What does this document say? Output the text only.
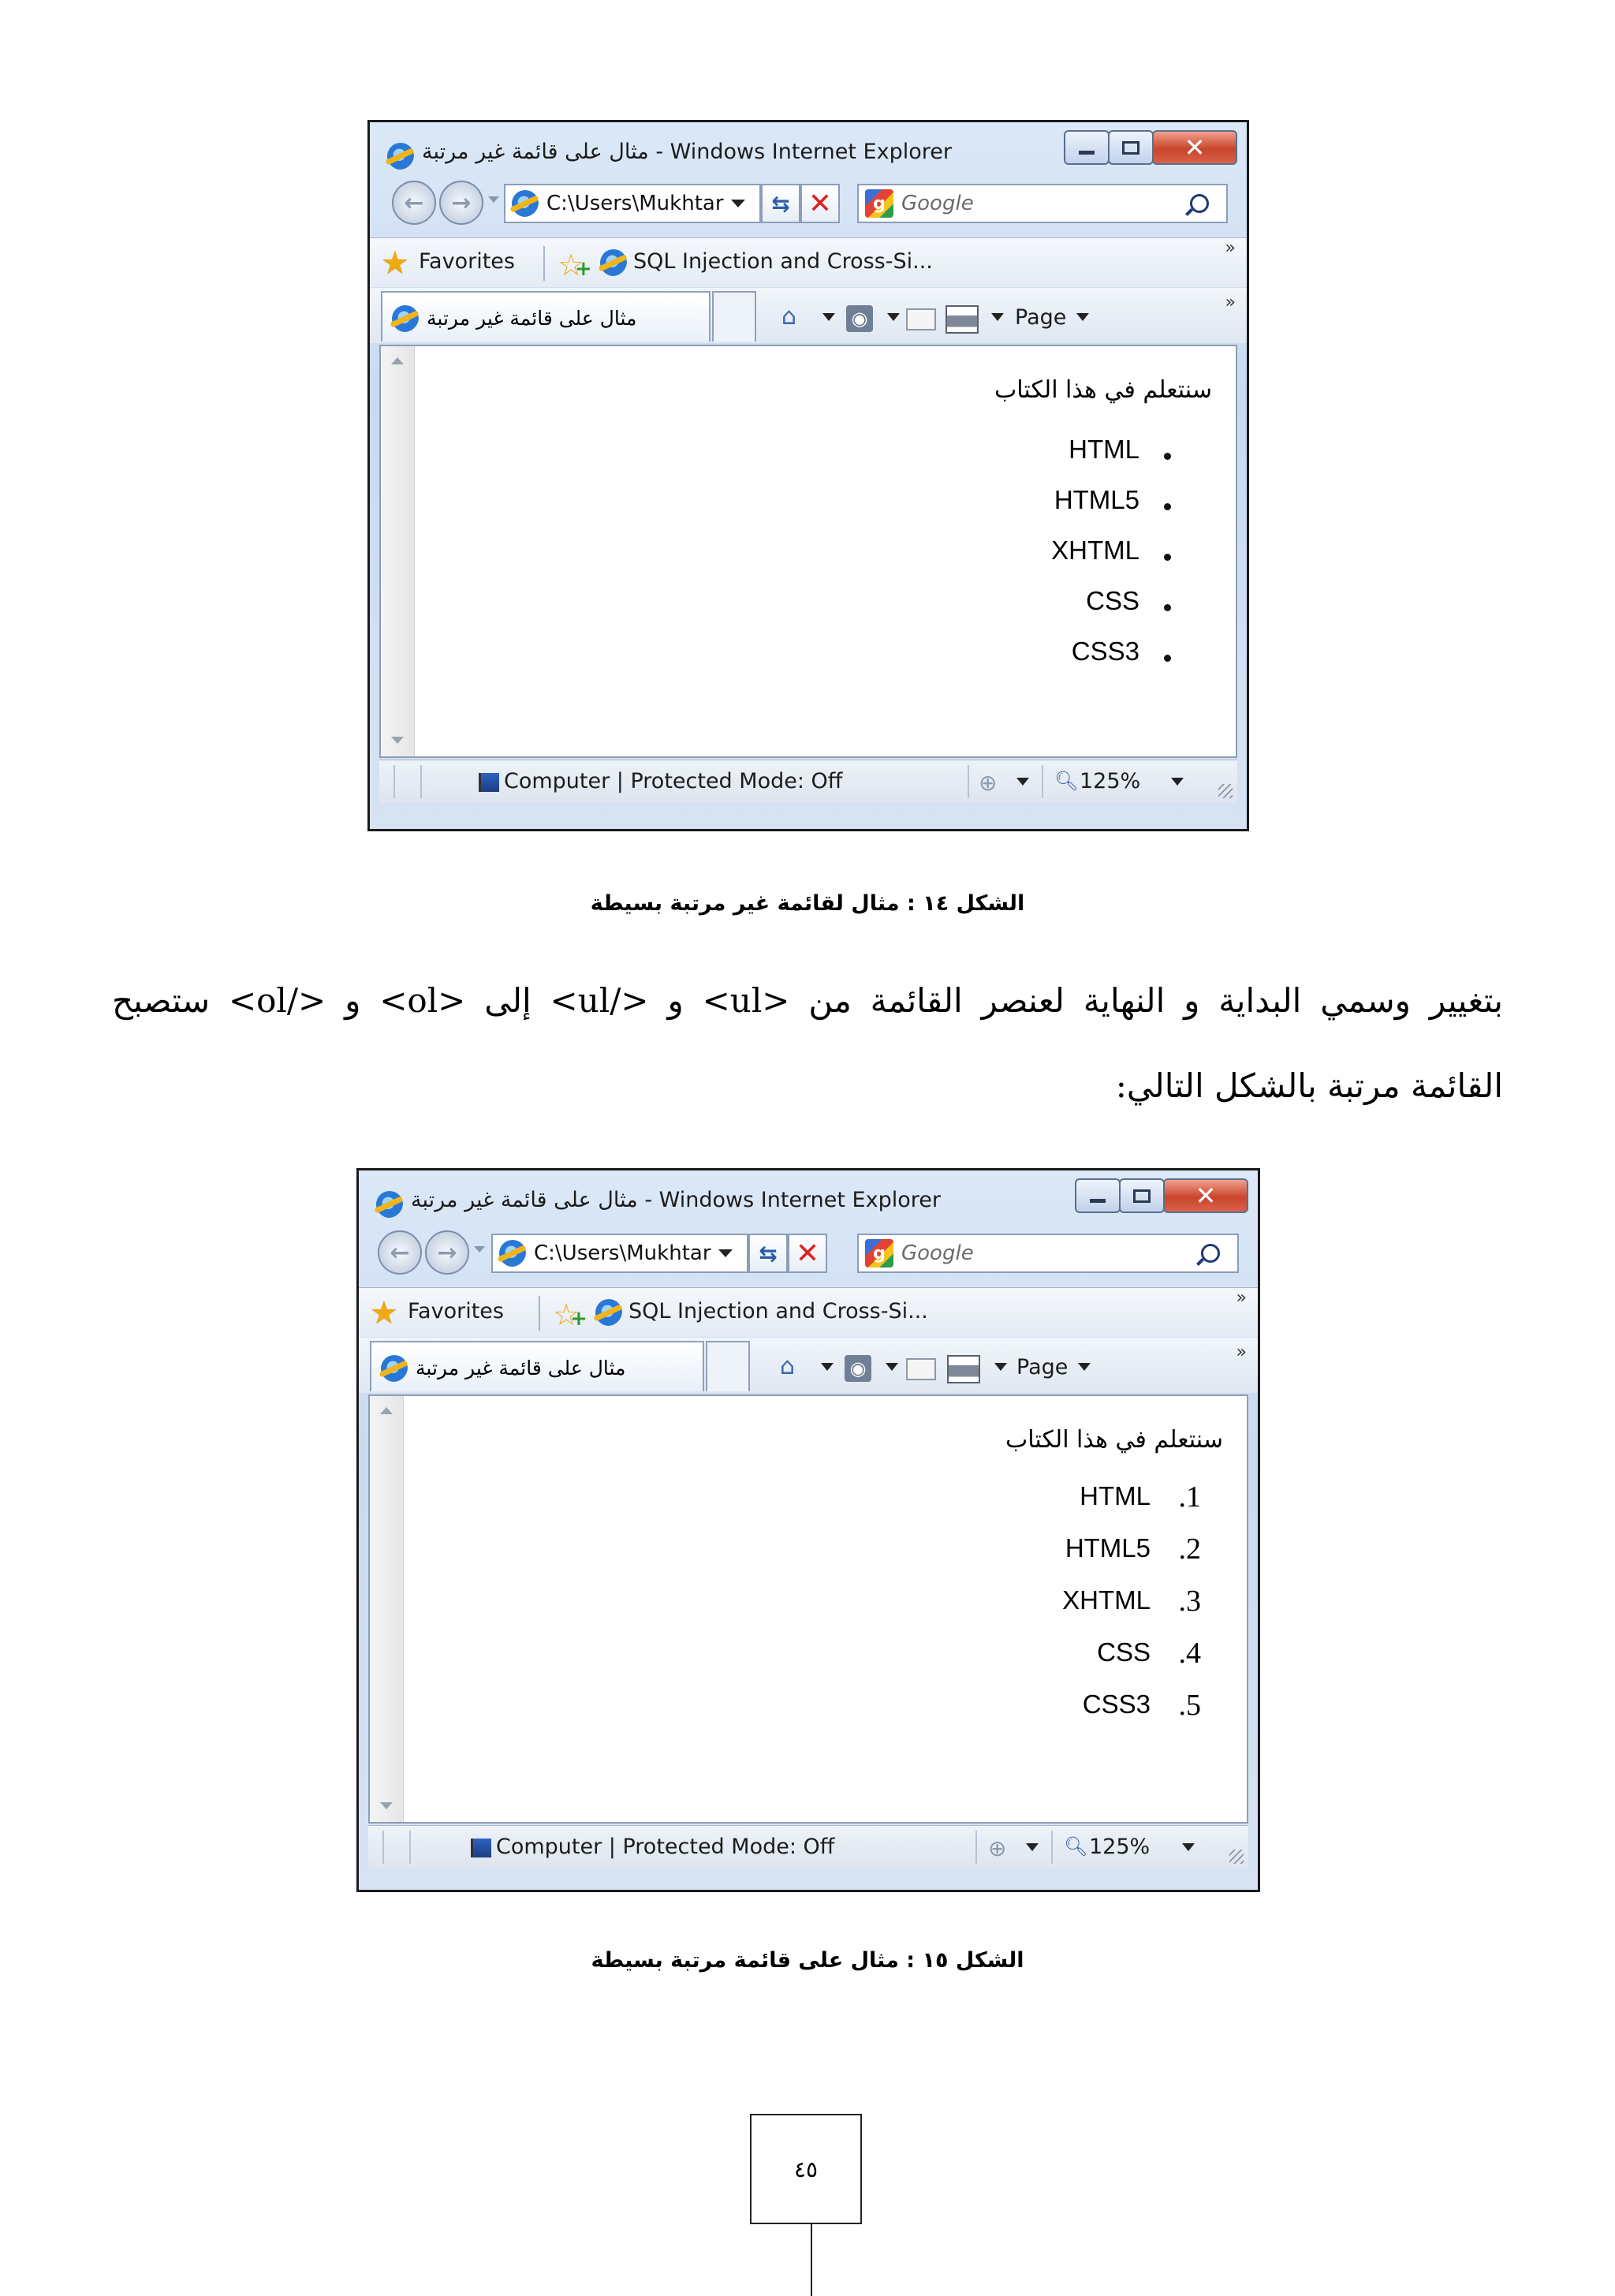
مثال على قائمة غير مرتبة - Windows Internet Explorer	✕
← →	C:\Users\Mukhtar ⇆ ✕	g Google
★ Favorites ☆ + SQL Injection and Cross-Si...
»
مثال على قائمة غير مرتبة	⌂	◉	Page
»
سنتعلم في هذا الكتاب
HTML
HTML5
XHTML
CSS
CSS3
Computer | Protected Mode: Off	⊕	🔍︎ 125%
الشكل ١٤ : مثال لقائمة غير مرتبة بسيطة
بتغيير وسمي البداية و النهاية لعنصر القائمة من <ul> و </ul> إلى <ol> و </ol> ستصبح
القائمة مرتبة بالشكل التالي:
مثال على قائمة غير مرتبة - Windows Internet Explorer	✕
← →	C:\Users\Mukhtar ⇆ ✕	g Google
★ Favorites ☆ + SQL Injection and Cross-Si...
»
مثال على قائمة غير مرتبة	⌂	◉	Page
»
سنتعلم في هذا الكتاب
HTML .1
HTML5 .2
XHTML .3
CSS .4
CSS3 .5
Computer | Protected Mode: Off	⊕	🔍︎ 125%
الشكل ١٥ : مثال على قائمة مرتبة بسيطة
٤٥
